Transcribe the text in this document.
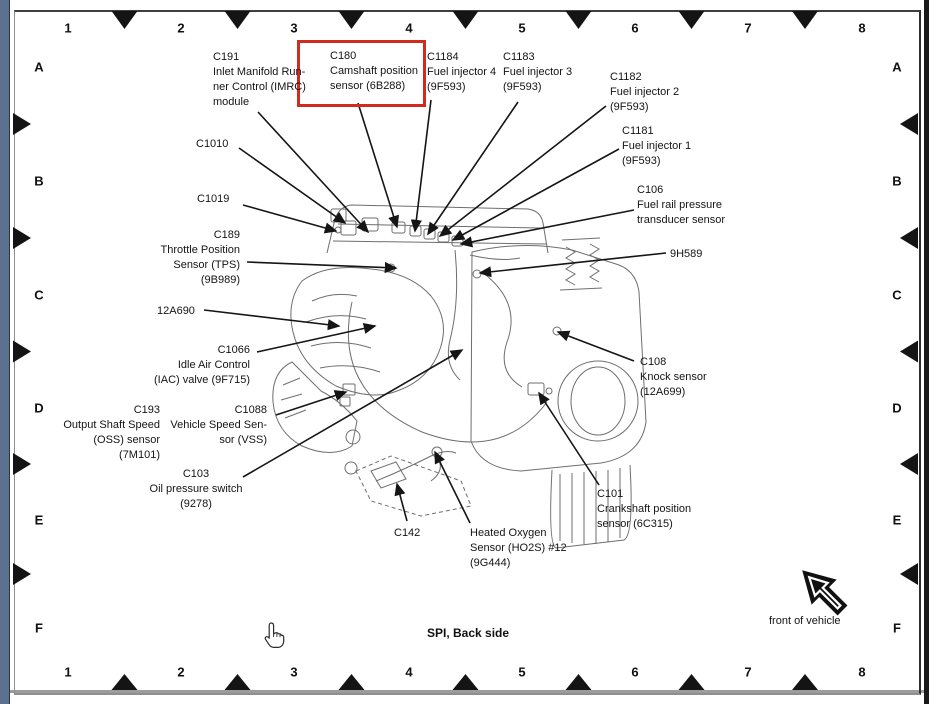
SPI, Back side
front of vehicle
1
1
2
2
3
3
4
4
5
5
6
6
7
7
8
8
A	A
B	B
C	C
D	D
E	E
F	F
C191
Inlet Manifold Run-
ner Control (IMRC)
module
C180
Camshaft position
sensor (6B288)
C1184
Fuel injector 4
(9F593)
C1183
Fuel injector 3
(9F593)
C1182
Fuel injector 2
(9F593)
C1181
Fuel injector 1
(9F593)
C106
Fuel rail pressure
transducer sensor
9H589
C108
Knock sensor
(12A699)
C101
Crankshaft position
sensor (6C315)
Heated Oxygen
Sensor (HO2S) #12
(9G444)
C142
C103
Oil pressure switch
(9278)
C1088
Vehicle Speed Sen-
sor (VSS)
C193
Output Shaft Speed
(OSS) sensor
(7M101)
C1066
Idle Air Control
(IAC) valve (9F715)
12A690
C189
Throttle Position
Sensor (TPS)
(9B989)
C1019
C1010
